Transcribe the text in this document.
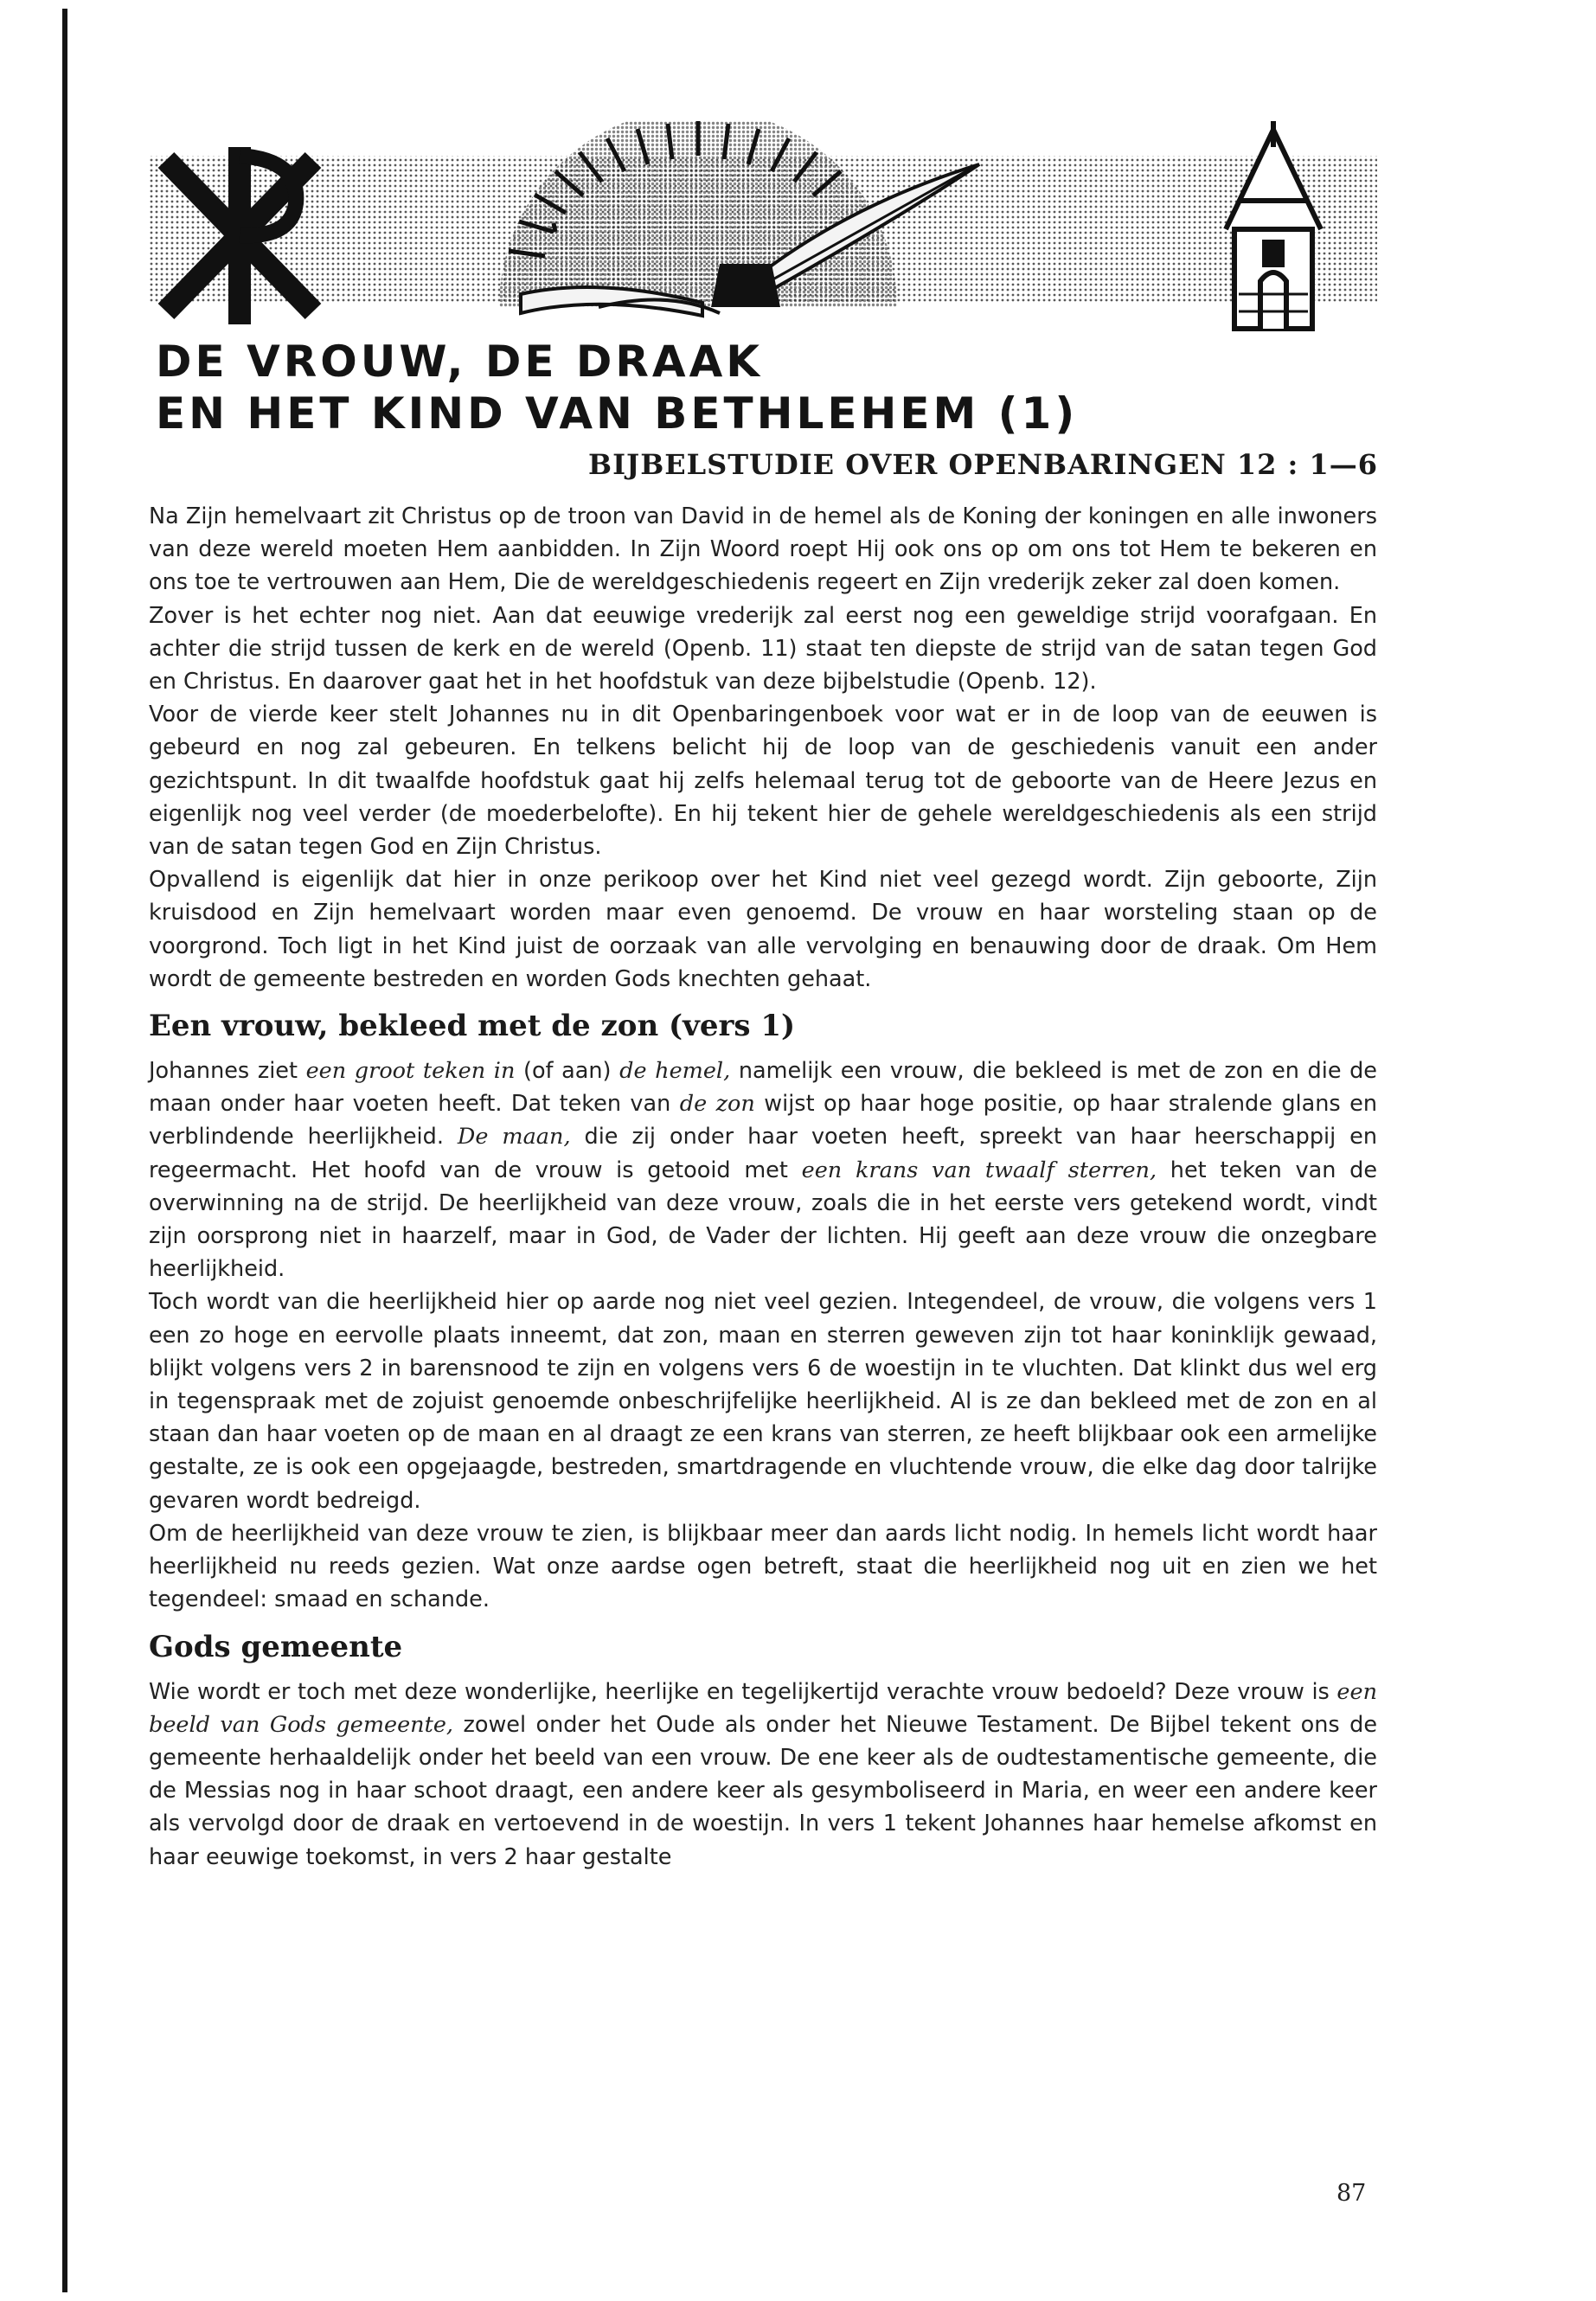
DE VROUW, DE DRAAK
EN HET KIND VAN BETHLEHEM (1)
BIJBELSTUDIE OVER OPENBARINGEN 12 : 1—6

Na Zijn hemelvaart zit Christus op de troon van David in de hemel als de Koning der koningen en alle inwoners van deze wereld moeten Hem aanbidden. In Zijn Woord roept Hij ook ons op om ons tot Hem te bekeren en ons toe te vertrouwen aan Hem, Die de wereldgeschiedenis regeert en Zijn vrederijk zeker zal doen komen.

Zover is het echter nog niet. Aan dat eeuwige vrederijk zal eerst nog een geweldige strijd voorafgaan. En achter die strijd tussen de kerk en de wereld (Openb. 11) staat ten diepste de strijd van de satan tegen God en Christus. En daarover gaat het in het hoofdstuk van deze bijbelstudie (Openb. 12).

Voor de vierde keer stelt Johannes nu in dit Openbaringenboek voor wat er in de loop van de eeuwen is gebeurd en nog zal gebeuren. En telkens belicht hij de loop van de geschiedenis vanuit een ander gezichtspunt. In dit twaalfde hoofdstuk gaat hij zelfs helemaal terug tot de geboorte van de Heere Jezus en eigenlijk nog veel verder (de moederbelofte). En hij tekent hier de gehele wereldgeschiedenis als een strijd van de satan tegen God en Zijn Christus.

Opvallend is eigenlijk dat hier in onze perikoop over het Kind niet veel gezegd wordt. Zijn geboorte, Zijn kruisdood en Zijn hemelvaart worden maar even genoemd. De vrouw en haar worsteling staan op de voorgrond. Toch ligt in het Kind juist de oorzaak van alle vervolging en benauwing door de draak. Om Hem wordt de gemeente bestreden en worden Gods knechten gehaat.

Een vrouw, bekleed met de zon (vers 1)

Johannes ziet een groot teken in (of aan) de hemel, namelijk een vrouw, die bekleed is met de zon en die de maan onder haar voeten heeft. Dat teken van de zon wijst op haar hoge positie, op haar stralende glans en verblindende heerlijkheid. De maan, die zij onder haar voeten heeft, spreekt van haar heerschappij en regeermacht. Het hoofd van de vrouw is getooid met een krans van twaalf sterren, het teken van de overwinning na de strijd. De heerlijkheid van deze vrouw, zoals die in het eerste vers getekend wordt, vindt zijn oorsprong niet in haarzelf, maar in God, de Vader der lichten. Hij geeft aan deze vrouw die onzegbare heerlijkheid.

Toch wordt van die heerlijkheid hier op aarde nog niet veel gezien. Integendeel, de vrouw, die volgens vers 1 een zo hoge en eervolle plaats inneemt, dat zon, maan en sterren geweven zijn tot haar koninklijk gewaad, blijkt volgens vers 2 in barensnood te zijn en volgens vers 6 de woestijn in te vluchten. Dat klinkt dus wel erg in tegenspraak met de zojuist genoemde onbeschrijfelijke heerlijkheid. Al is ze dan bekleed met de zon en al staan dan haar voeten op de maan en al draagt ze een krans van sterren, ze heeft blijkbaar ook een armelijke gestalte, ze is ook een opgejaagde, bestreden, smartdragende en vluchtende vrouw, die elke dag door talrijke gevaren wordt bedreigd.

Om de heerlijkheid van deze vrouw te zien, is blijkbaar meer dan aards licht nodig. In hemels licht wordt haar heerlijkheid nu reeds gezien. Wat onze aardse ogen betreft, staat die heerlijkheid nog uit en zien we het tegendeel: smaad en schande.

Gods gemeente

Wie wordt er toch met deze wonderlijke, heerlijke en tegelijkertijd verachte vrouw bedoeld? Deze vrouw is een beeld van Gods gemeente, zowel onder het Oude als onder het Nieuwe Testament. De Bijbel tekent ons de gemeente herhaaldelijk onder het beeld van een vrouw. De ene keer als de oudtestamentische gemeente, die de Messias nog in haar schoot draagt, een andere keer als gesymboliseerd in Maria, en weer een andere keer als vervolgd door de draak en vertoevend in de woestijn. In vers 1 tekent Johannes haar hemelse afkomst en haar eeuwige toekomst, in vers 2 haar gestalte

87
